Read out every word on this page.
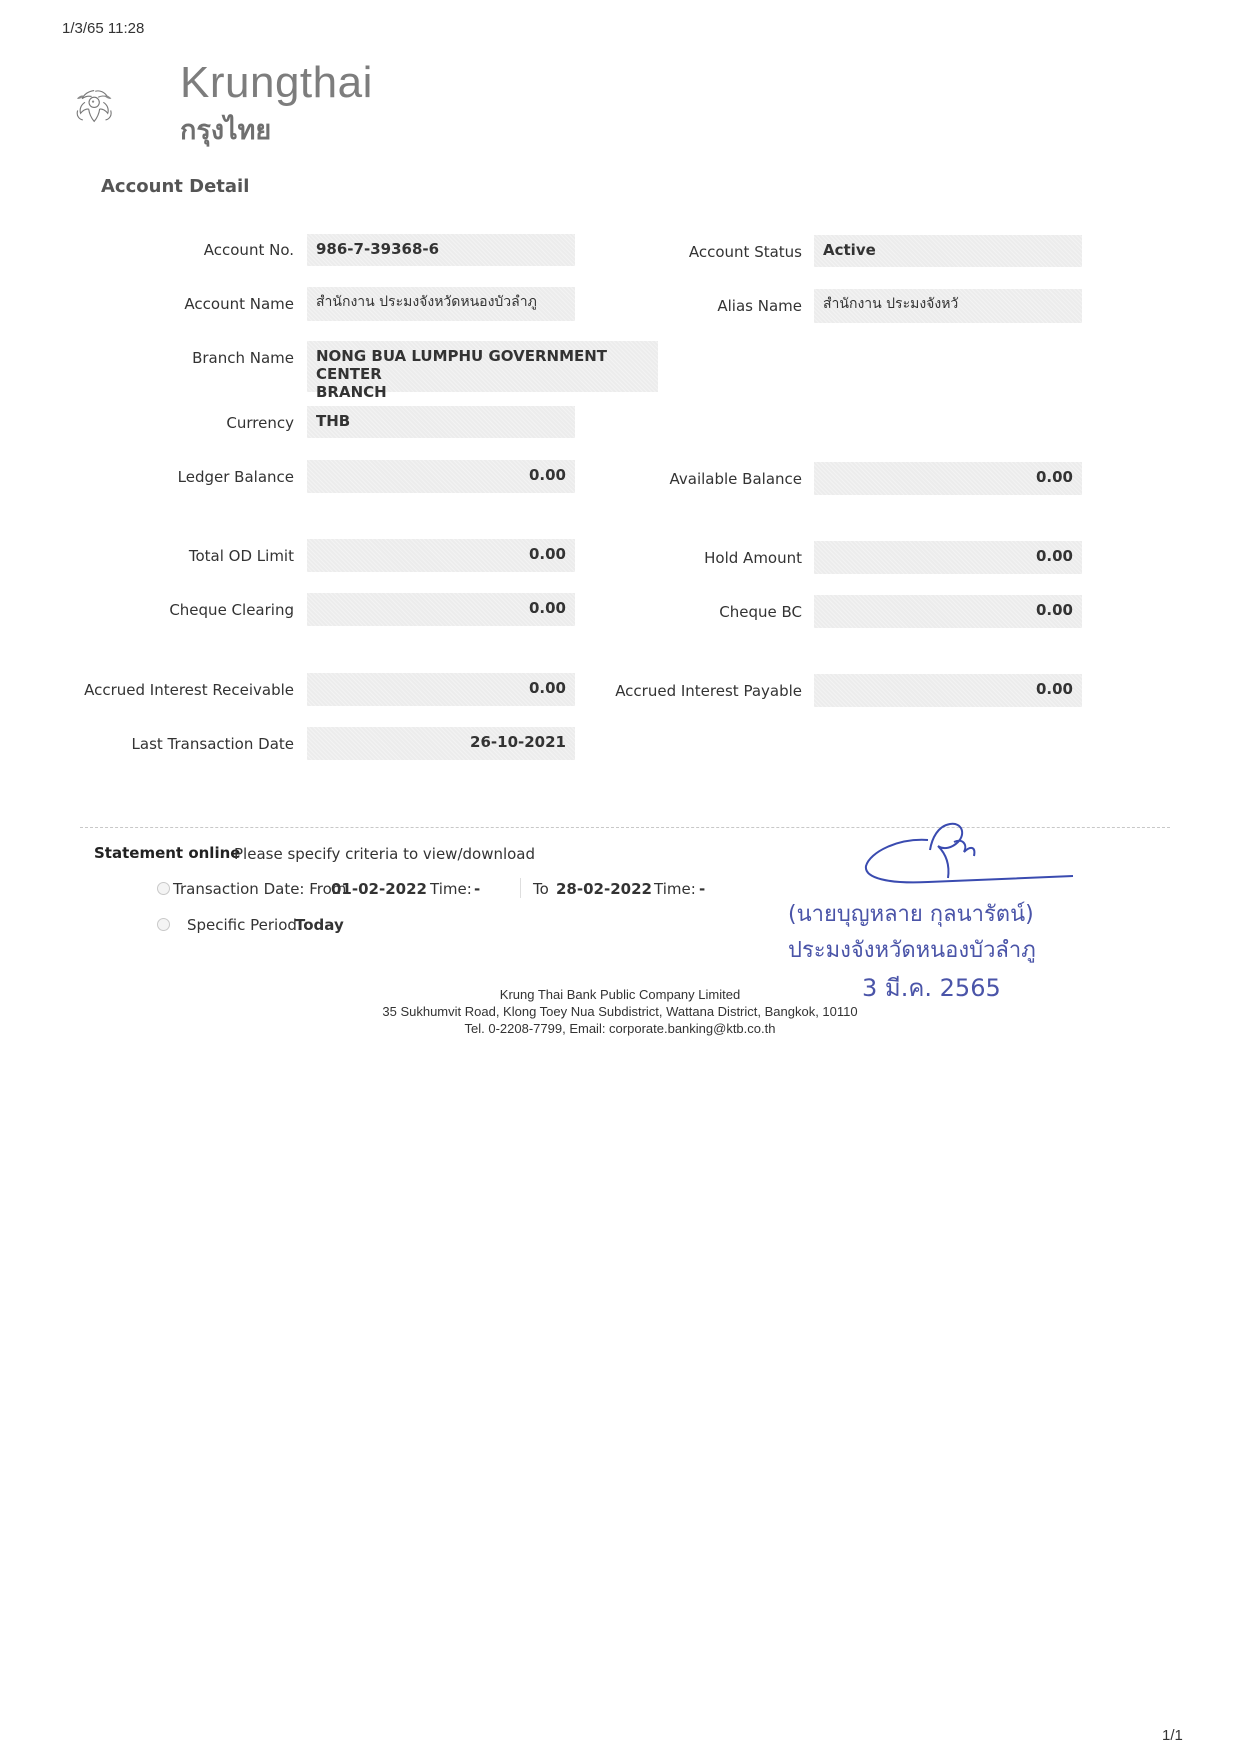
1/3/65 11:28
Krungthai
กรุงไทย
Account Detail
Account No.	986-7-39368-6	Account Status	Active
Account Name	สำนักงาน ประมงจังหวัดหนองบัวลำภู	Alias Name	สำนักงาน ประมงจังหวั
Branch Name NONG BUA LUMPHU GOVERNMENT CENTER
BRANCH
Currency	THB
Ledger Balance	0.00	Available Balance	0.00
Total OD Limit	0.00	Hold Amount	0.00
Cheque Clearing	0.00	Cheque BC	0.00
Accrued Interest Receivable	0.00	Accrued Interest Payable	0.00
Last Transaction Date	26-10-2021
Statement online
Please specify criteria to view/download
Transaction Date: From
01-02-2022 Time: -	To 28-02-2022 Time: -
Specific Period:
Today	(นายบุญหลาย กุลนารัตน์)
ประมงจังหวัดหนองบัวลำภู
3 มี.ค. 2565
Krung Thai Bank Public Company Limited
35 Sukhumvit Road, Klong Toey Nua Subdistrict, Wattana District, Bangkok, 10110
Tel. 0-2208-7799, Email: corporate.banking@ktb.co.th
1/1
